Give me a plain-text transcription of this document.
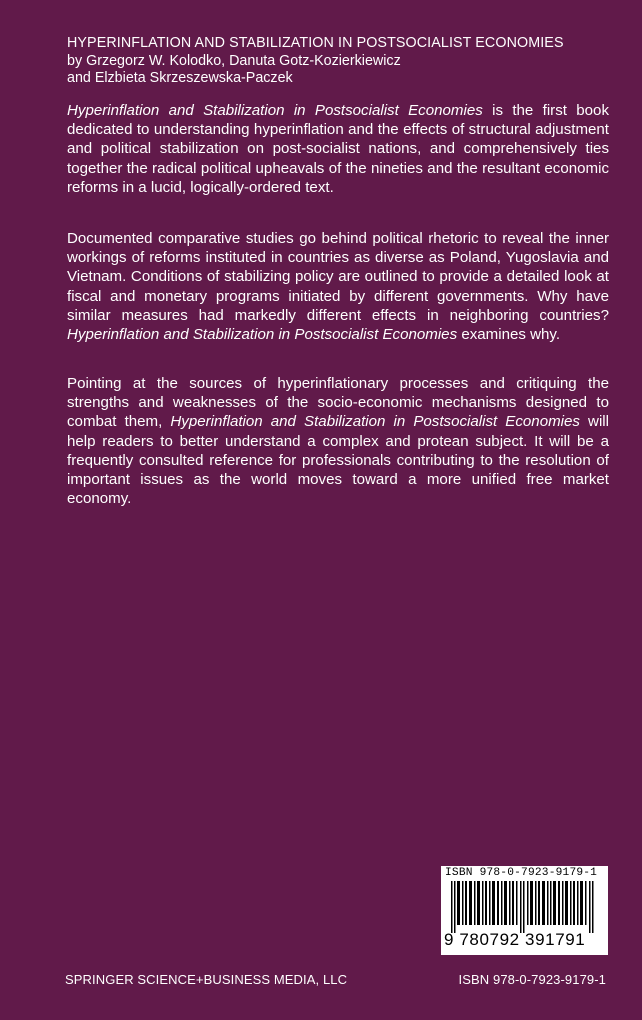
HYPERINFLATION AND STABILIZATION IN POSTSOCIALIST ECONOMIES
by Grzegorz W. Kolodko, Danuta Gotz-Kozierkiewicz
and Elzbieta Skrzeszewska-Paczek
Hyperinflation and Stabilization in Postsocialist Economies is the first book dedicated to understanding hyperinflation and the effects of structural adjustment and political stabilization on post-socialist nations, and comprehensively ties together the radical political upheavals of the nineties and the resultant economic reforms in a lucid, logically-ordered text.
Documented comparative studies go behind political rhetoric to reveal the inner workings of reforms instituted in countries as diverse as Poland, Yugoslavia and Vietnam. Conditions of stabilizing policy are outlined to provide a detailed look at fiscal and monetary programs initiated by different governments. Why have similar measures had markedly different effects in neighboring countries? Hyperinflation and Stabilization in Postsocialist Economies examines why.
Pointing at the sources of hyperinflationary processes and critiquing the strengths and weaknesses of the socio-economic mechanisms designed to combat them, Hyperinflation and Stabilization in Postsocialist Economies will help readers to better understand a complex and protean subject. It will be a frequently consulted reference for professionals contributing to the resolution of important issues as the world moves toward a more unified free market economy.
ISBN 978-0-7923-9179-1
9 780792 391791
SPRINGER SCIENCE+BUSINESS MEDIA, LLC	ISBN 978-0-7923-9179-1
